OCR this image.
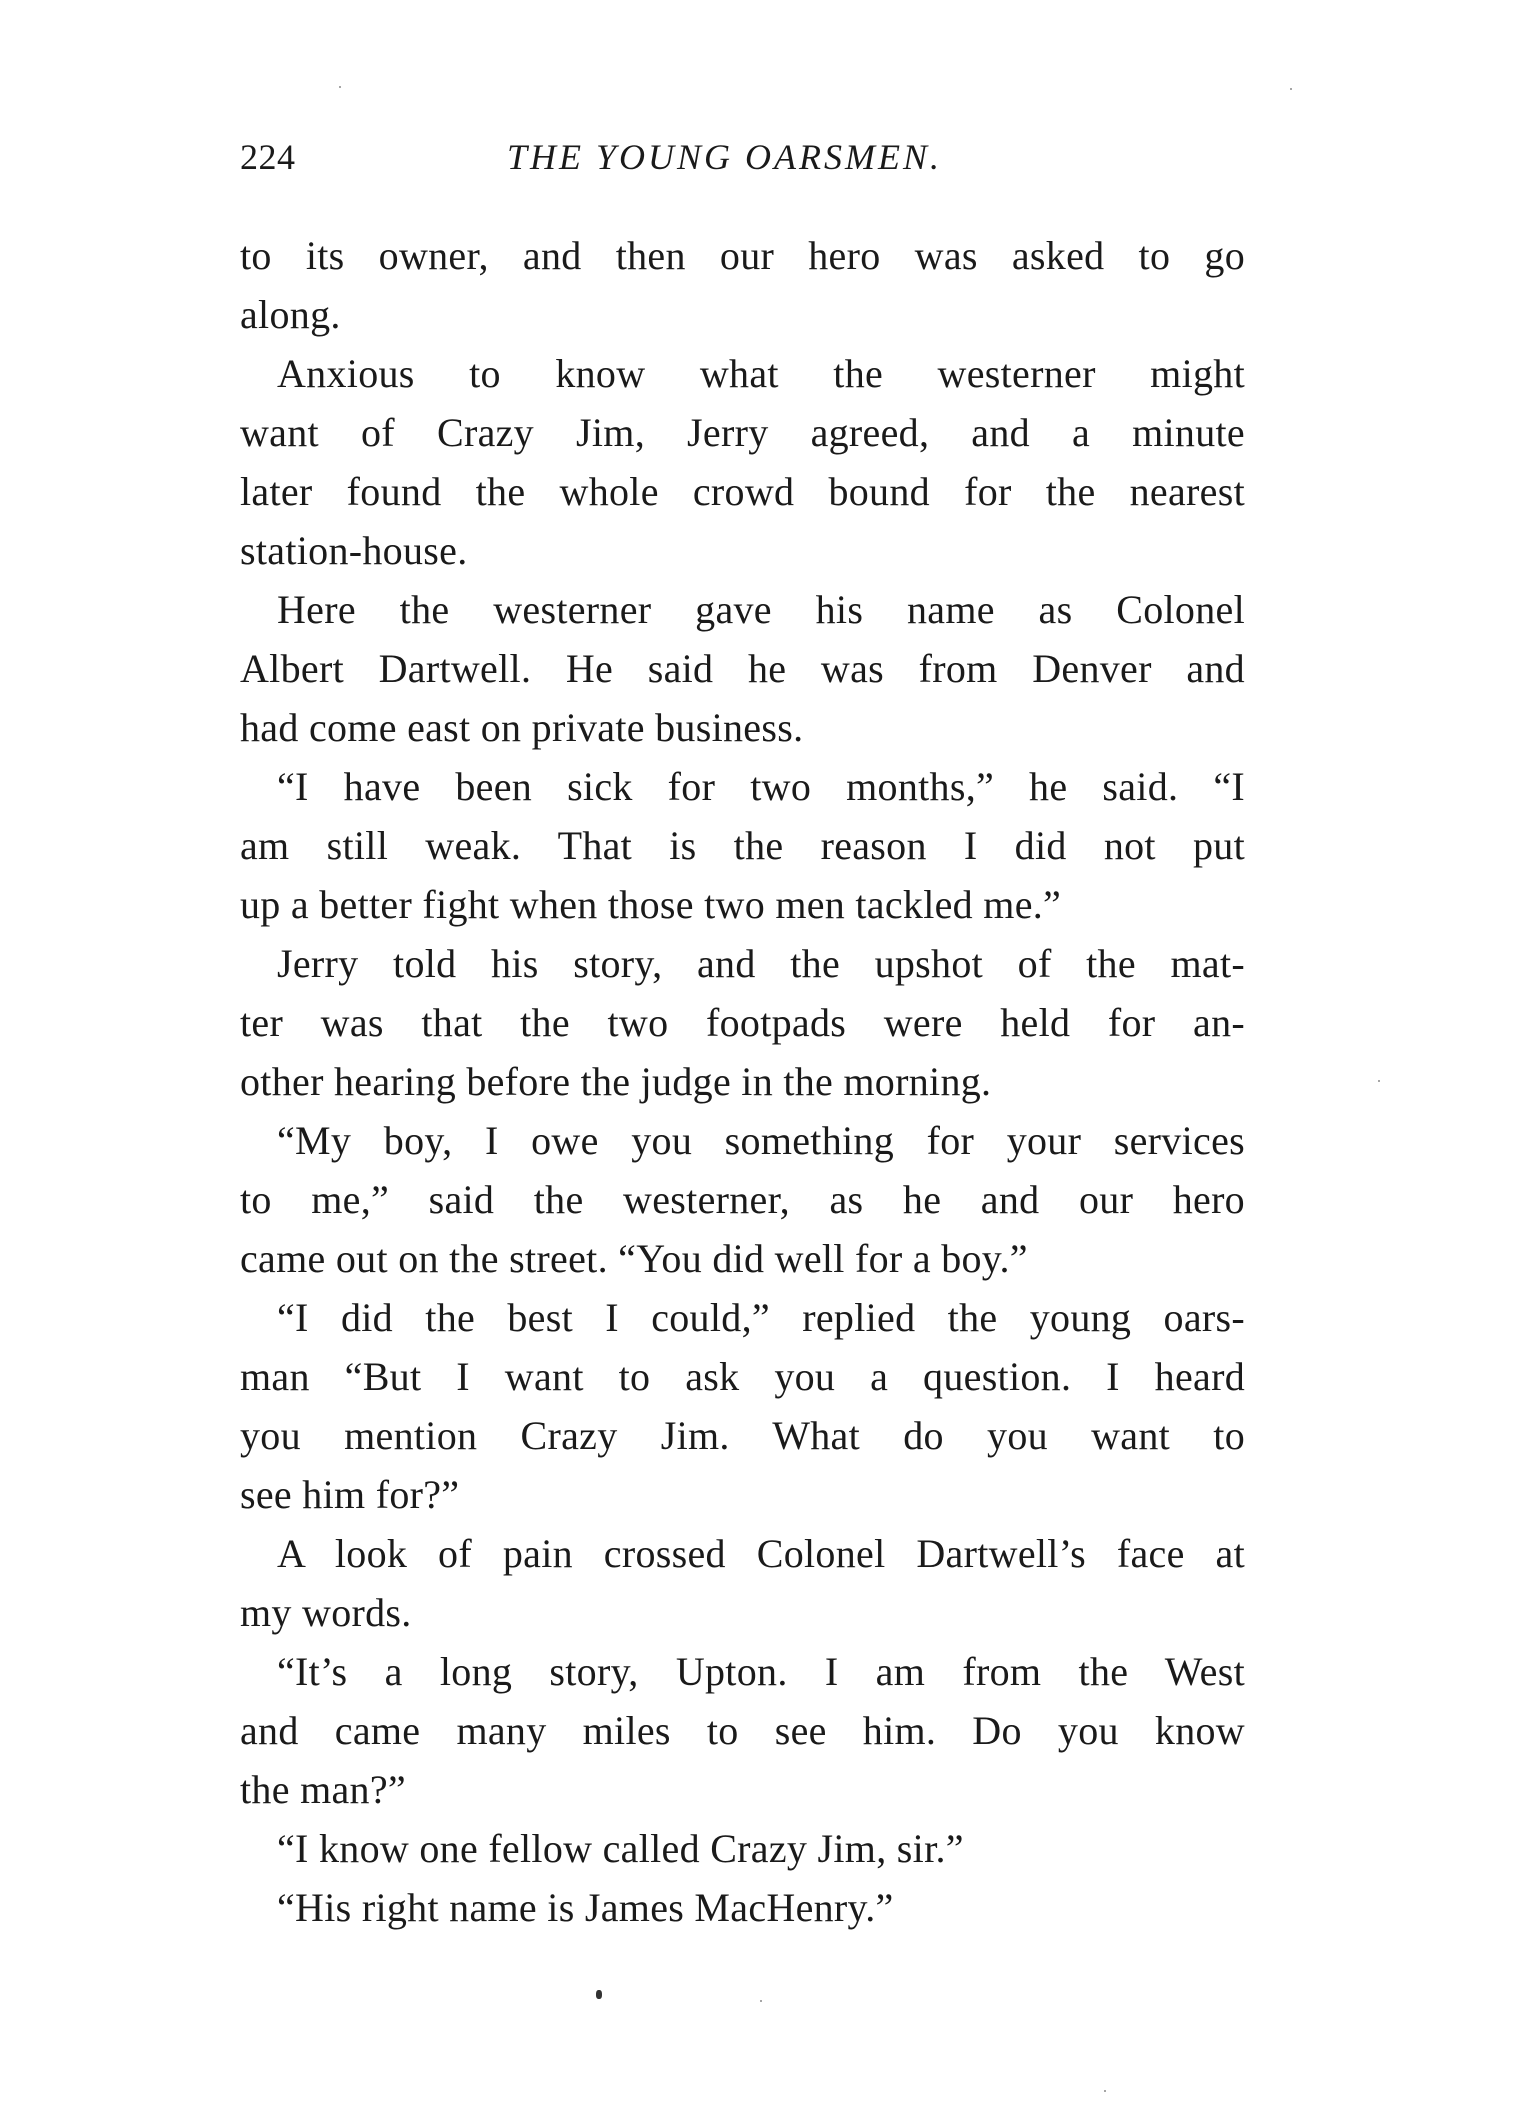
224	THE YOUNG OARSMEN.
to its owner, and then our hero was asked to go
along.
Anxious to know what the westerner might
want of Crazy Jim, Jerry agreed, and a minute
later found the whole crowd bound for the nearest
station-house.
Here the westerner gave his name as Colonel
Albert Dartwell. He said he was from Denver and
had come east on private business.
“I have been sick for two months,” he said. “I
am still weak. That is the reason I did not put
up a better fight when those two men tackled me.”
Jerry told his story, and the upshot of the mat-
ter was that the two footpads were held for an-
other hearing before the judge in the morning.
“My boy, I owe you something for your services
to me,” said the westerner, as he and our hero
came out on the street. “You did well for a boy.”
“I did the best I could,” replied the young oars-
man “But I want to ask you a question. I heard
you mention Crazy Jim. What do you want to
see him for?”
A look of pain crossed Colonel Dartwell’s face at
my words.
“It’s a long story, Upton. I am from the West
and came many miles to see him. Do you know
the man?”
“I know one fellow called Crazy Jim, sir.”
“His right name is James MacHenry.”
